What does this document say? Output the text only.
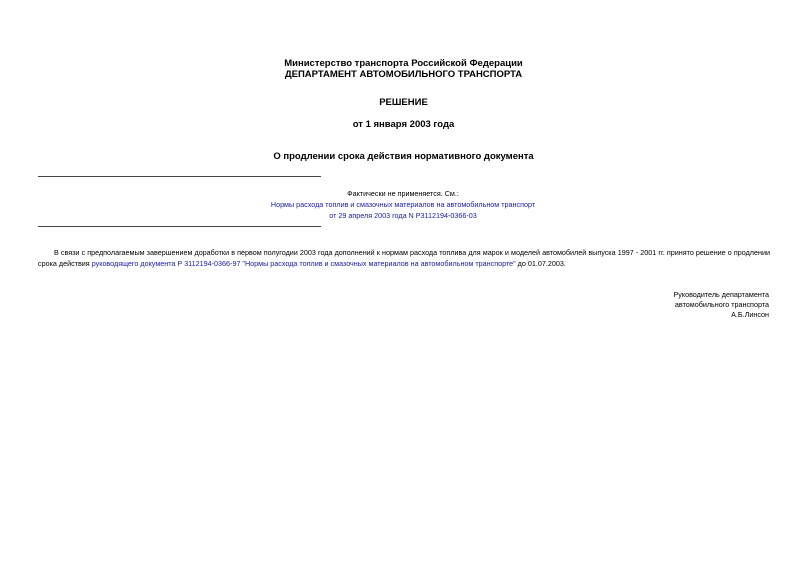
Министерство транспорта Российской Федерации
ДЕПАРТАМЕНТ АВТОМОБИЛЬНОГО ТРАНСПОРТА
РЕШЕНИЕ
от 1 января 2003 года
О продлении срока действия нормативного документа
Фактически не применяется. См.:
Нормы расхода топлив и смазочных материалов на автомобильном транспорт
от 29 апреля 2003 года N Р3112194-0366-03
В связи с предполагаемым завершением доработки в первом полугодии 2003 года дополнений к нормам расхода топлива для марок и моделей автомобилей выпуска 1997 - 2001 гг. принято решение о продлении срока действия руководящего документа Р 3112194-0366-97 "Нормы расхода топлив и смазочных материалов на автомобильном транспорте" до 01.07.2003.
Руководитель департамента
автомобильного транспорта
А.Б.Линсон
